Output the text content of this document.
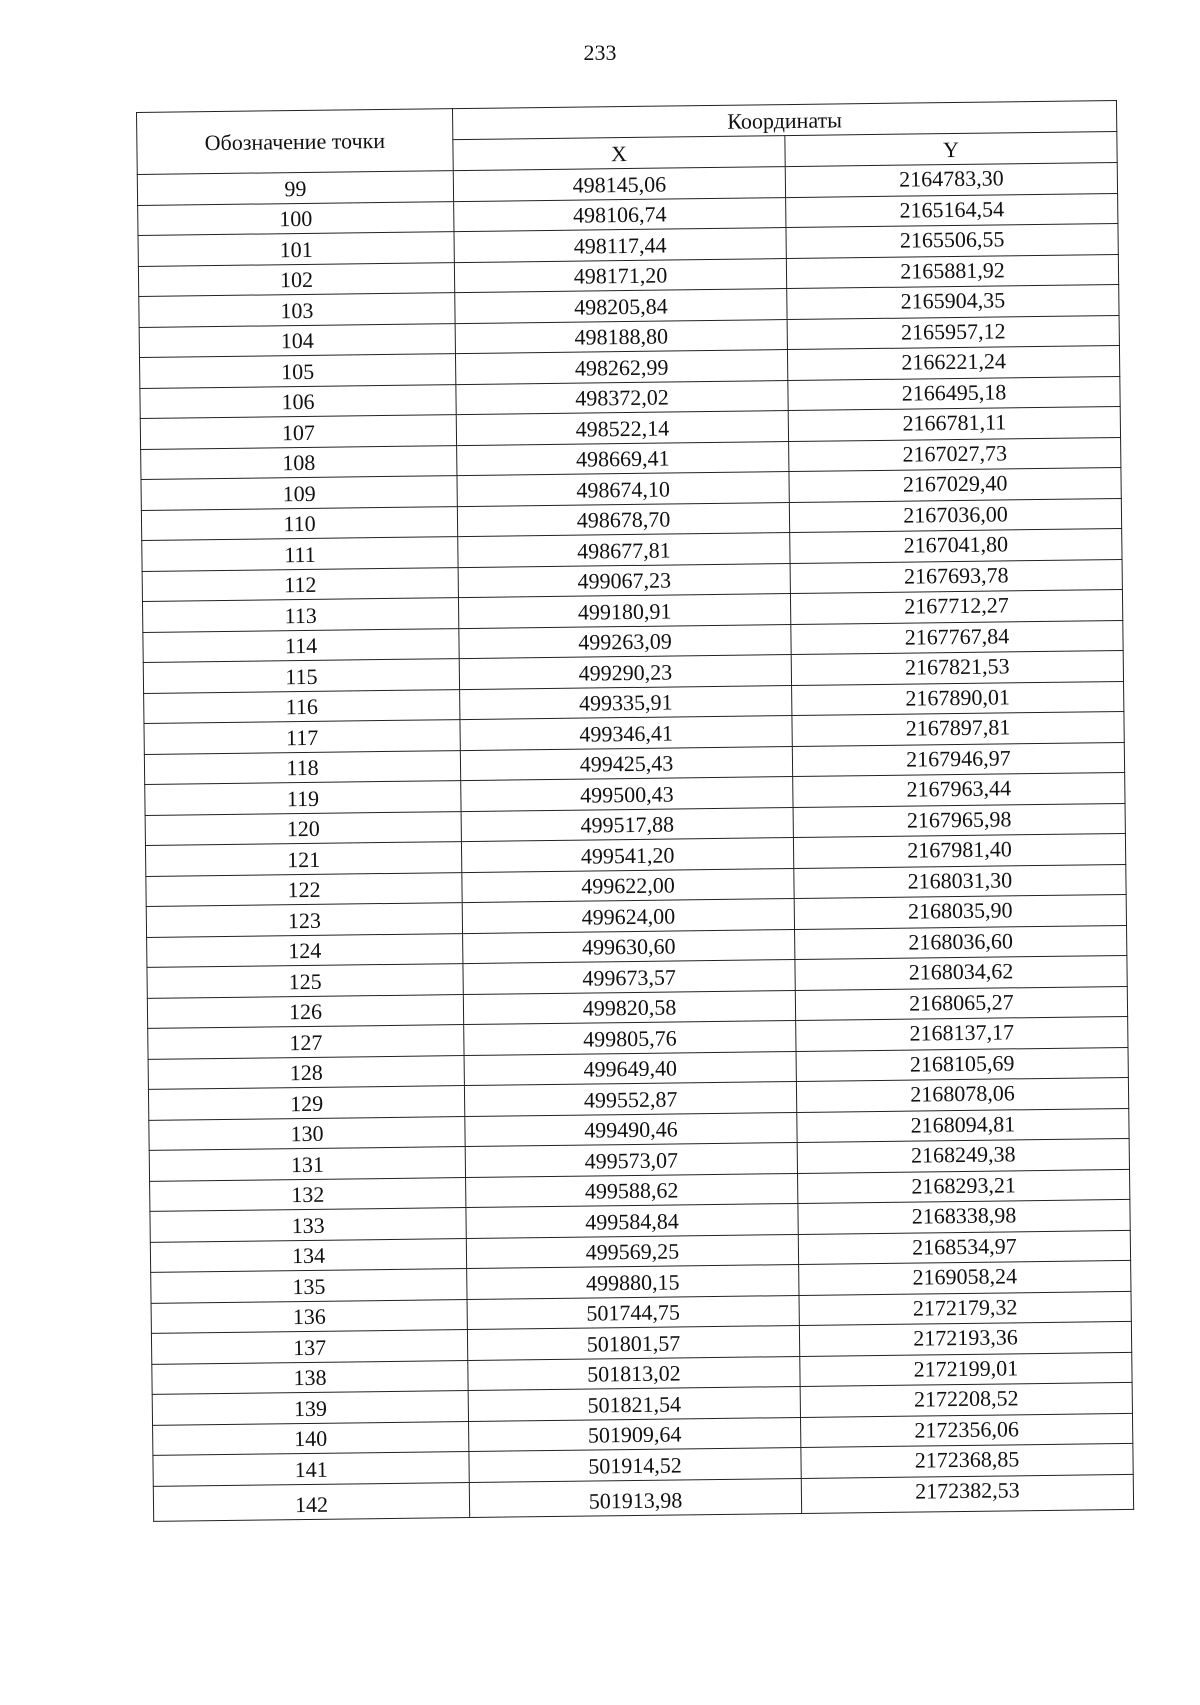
233
Обозначение точки	Координаты	
	X	Y
99	498145,06	2164783,30
100	498106,74	2165164,54
101	498117,44	2165506,55
102	498171,20	2165881,92
103	498205,84	2165904,35
104	498188,80	2165957,12
105	498262,99	2166221,24
106	498372,02	2166495,18
107	498522,14	2166781,11
108	498669,41	2167027,73
109	498674,10	2167029,40
110	498678,70	2167036,00
111	498677,81	2167041,80
112	499067,23	2167693,78
113	499180,91	2167712,27
114	499263,09	2167767,84
115	499290,23	2167821,53
116	499335,91	2167890,01
117	499346,41	2167897,81
118	499425,43	2167946,97
119	499500,43	2167963,44
120	499517,88	2167965,98
121	499541,20	2167981,40
122	499622,00	2168031,30
123	499624,00	2168035,90
124	499630,60	2168036,60
125	499673,57	2168034,62
126	499820,58	2168065,27
127	499805,76	2168137,17
128	499649,40	2168105,69
129	499552,87	2168078,06
130	499490,46	2168094,81
131	499573,07	2168249,38
132	499588,62	2168293,21
133	499584,84	2168338,98
134	499569,25	2168534,97
135	499880,15	2169058,24
136	501744,75	2172179,32
137	501801,57	2172193,36
138	501813,02	2172199,01
139	501821,54	2172208,52
140	501909,64	2172356,06
141	501914,52	2172368,85
142	501913,98	2172382,53
